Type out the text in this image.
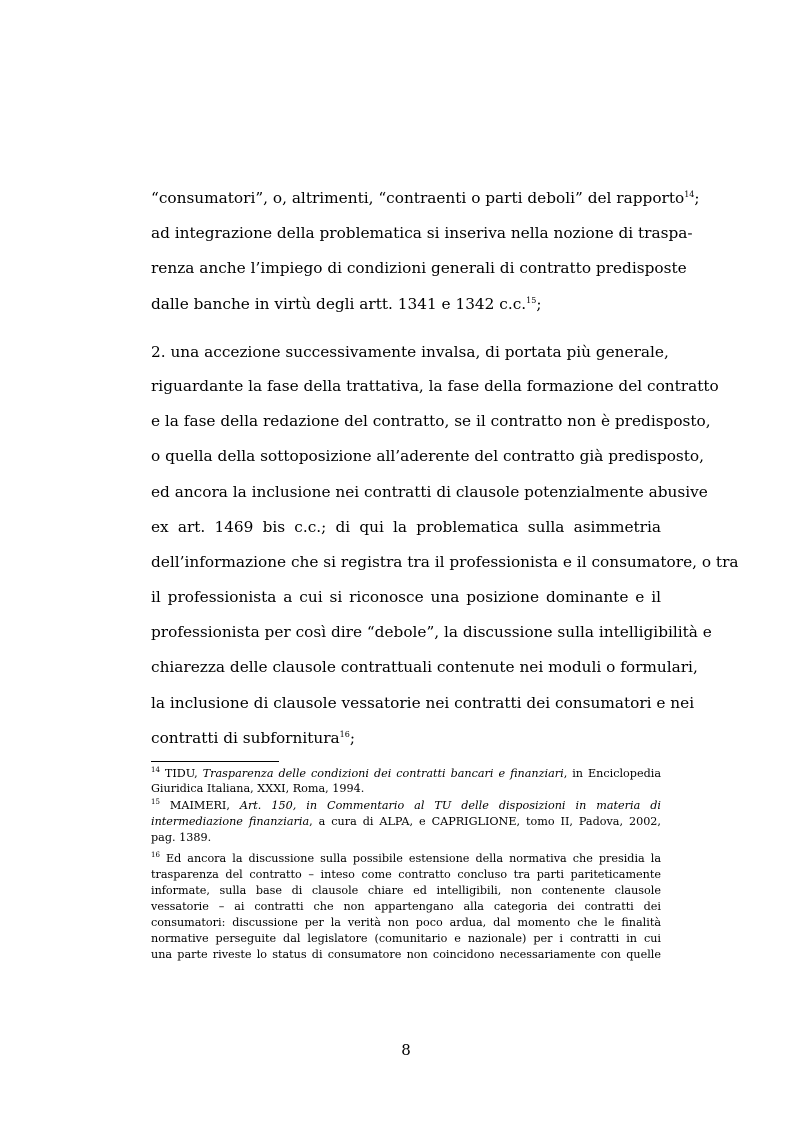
“consumatori”, o, altrimenti, “contraenti o parti deboli” del rapporto$^{14}$;
ad integrazione della problematica si inseriva nella nozione di traspa-
renza anche l’impiego di condizioni generali di contratto predisposte
dalle banche in virtù degli artt. 1341 e 1342 c.c.$^{15}$;
2. una accezione successivamente invalsa, di portata più generale,
riguardante la fase della trattativa, la fase della formazione del contratto
e la fase della redazione del contratto, se il contratto non è predisposto,
o quella della sottoposizione all’aderente del contratto già predisposto,
ed ancora la inclusione nei contratti di clausole potenzialmente abusive
ex art. 1469 bis c.c.; di qui la problematica sulla asimmetria
dell’informazione che si registra tra il professionista e il consumatore, o tra
il professionista a cui si riconosce una posizione dominante e il
professionista per così dire “debole”, la discussione sulla intelligibilità e
chiarezza delle clausole contrattuali contenute nei moduli o formulari,
la inclusione di clausole vessatorie nei contratti dei consumatori e nei
contratti di subfornitura$^{16}$;
$^{14}$ TIDU, Trasparenza delle condizioni dei contratti bancari e finanziari, in Enciclopedia
Giuridica Italiana, XXXI, Roma, 1994.
$^{15}$ MAIMERI, Art. 150, in Commentario al TU delle disposizioni in materia di
intermediazione finanziaria, a cura di ALPA, e CAPRIGLIONE, tomo II, Padova, 2002,
pag. 1389.
$^{16}$ Ed ancora la discussione sulla possibile estensione della normativa che presidia la
trasparenza del contratto – inteso come contratto concluso tra parti pariteticamente
informate, sulla base di clausole chiare ed intelligibili, non contenente clausole
vessatorie – ai contratti che non appartengano alla categoria dei contratti dei
consumatori: discussione per la verità non poco ardua, dal momento che le finalità
normative perseguite dal legislatore (comunitario e nazionale) per i contratti in cui
una parte riveste lo status di consumatore non coincidono necessariamente con quelle
8
